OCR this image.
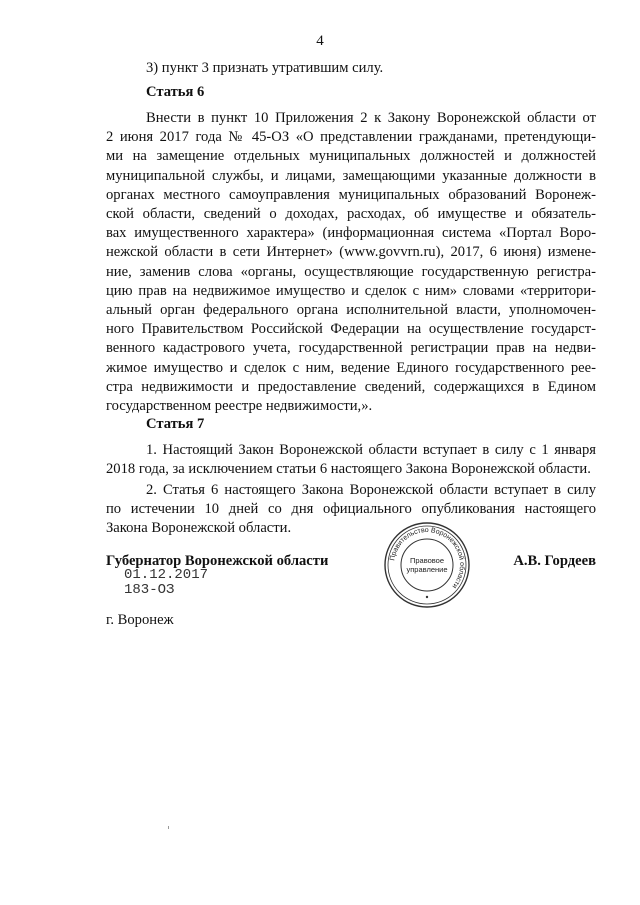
4

3) пункт 3 признать утратившим силу.

Статья 6

Внести в пункт 10 Приложения 2 к Закону Воронежской области от
2 июня 2017 года № 45-ОЗ «О представлении гражданами, претендующи-
ми на замещение отдельных муниципальных должностей и должностей
муниципальной службы, и лицами, замещающими указанные должности в
органах местного самоуправления муниципальных образований Воронеж-
ской области, сведений о доходах, расходах, об имуществе и обязатель-
вах имущественного характера» (информационная система «Портал Воро-
нежской области в сети Интернет» (www.govvrn.ru), 2017, 6 июня) измене-
ние, заменив слова «органы, осуществляющие государственную регистра-
цию прав на недвижимое имущество и сделок с ним» словами «территори-
альный орган федерального органа исполнительной власти, уполномочен-
ного Правительством Российской Федерации на осуществление государст-
венного кадастрового учета, государственной регистрации прав на недви-
жимое имущество и сделок с ним, ведение Единого государственного рее-
стра недвижимости и предоставление сведений, содержащихся в Едином
государственном реестре недвижимости,».

Статья 7

1. Настоящий Закон Воронежской области вступает в силу с 1 января
2018 года, за исключением статьи 6 настоящего Закона Воронежской области.
2. Статья 6 настоящего Закона Воронежской области вступает в силу
по истечении 10 дней со дня официального опубликования настоящего
Закона Воронежской области.
Губернатор Воронежской области	А.В. Гордеев
01.12.2017
183-ОЗ
г. Воронеж
Правительство Воронежской области
Правовое
управление
